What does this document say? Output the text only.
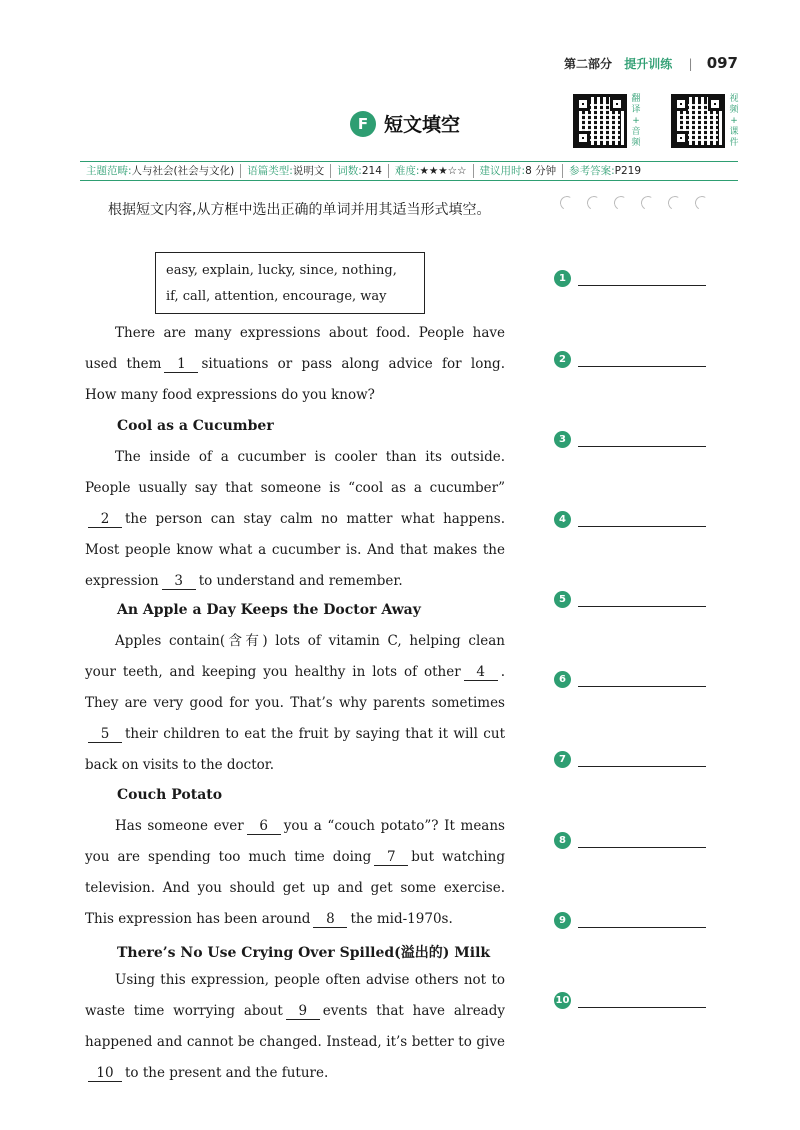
第二部分 提升训练 | 097
F 短文填空
翻
译
+
音
频
视
频
+
课
件
主题范畴:人与社会(社会与文化)	语篇类型:说明文	词数:214	难度:★★★☆☆	建议用时:8 分钟	参考答案:P219
根据短文内容,从方框中选出正确的单词并用其适当形式填空。
easy, explain, lucky, since, nothing,
if, call, attention, encourage, way
There are many expressions about food. People have used them 1 situations or pass along advice for long. How many food expressions do you know?
Cool as a Cucumber
The inside of a cucumber is cooler than its outside. People usually say that someone is “cool as a cucumber”2 the person can stay calm no matter what happens. Most people know what a cucumber is. And that makes the expression 3 to understand and remember.
An Apple a Day Keeps the Doctor Away
Apples contain(含有) lots of vitamin C, helping clean your teeth, and keeping you healthy in lots of other 4 . They are very good for you. That’s why parents sometimes5 their children to eat the fruit by saying that it will cut back on visits to the doctor.
Couch Potato
Has someone ever 6 you a “couch potato”? It means you are spending too much time doing 7 but watching television. And you should get up and get some exercise. This expression has been around 8 the mid-1970s.
There’s No Use Crying Over Spilled(溢出的) Milk
Using this expression, people often advise others not to waste time worrying about 9 events that have already happened and cannot be changed. Instead, it’s better to give10 to the present and the future.
1
2
3
4
5
6
7
8
9
10
